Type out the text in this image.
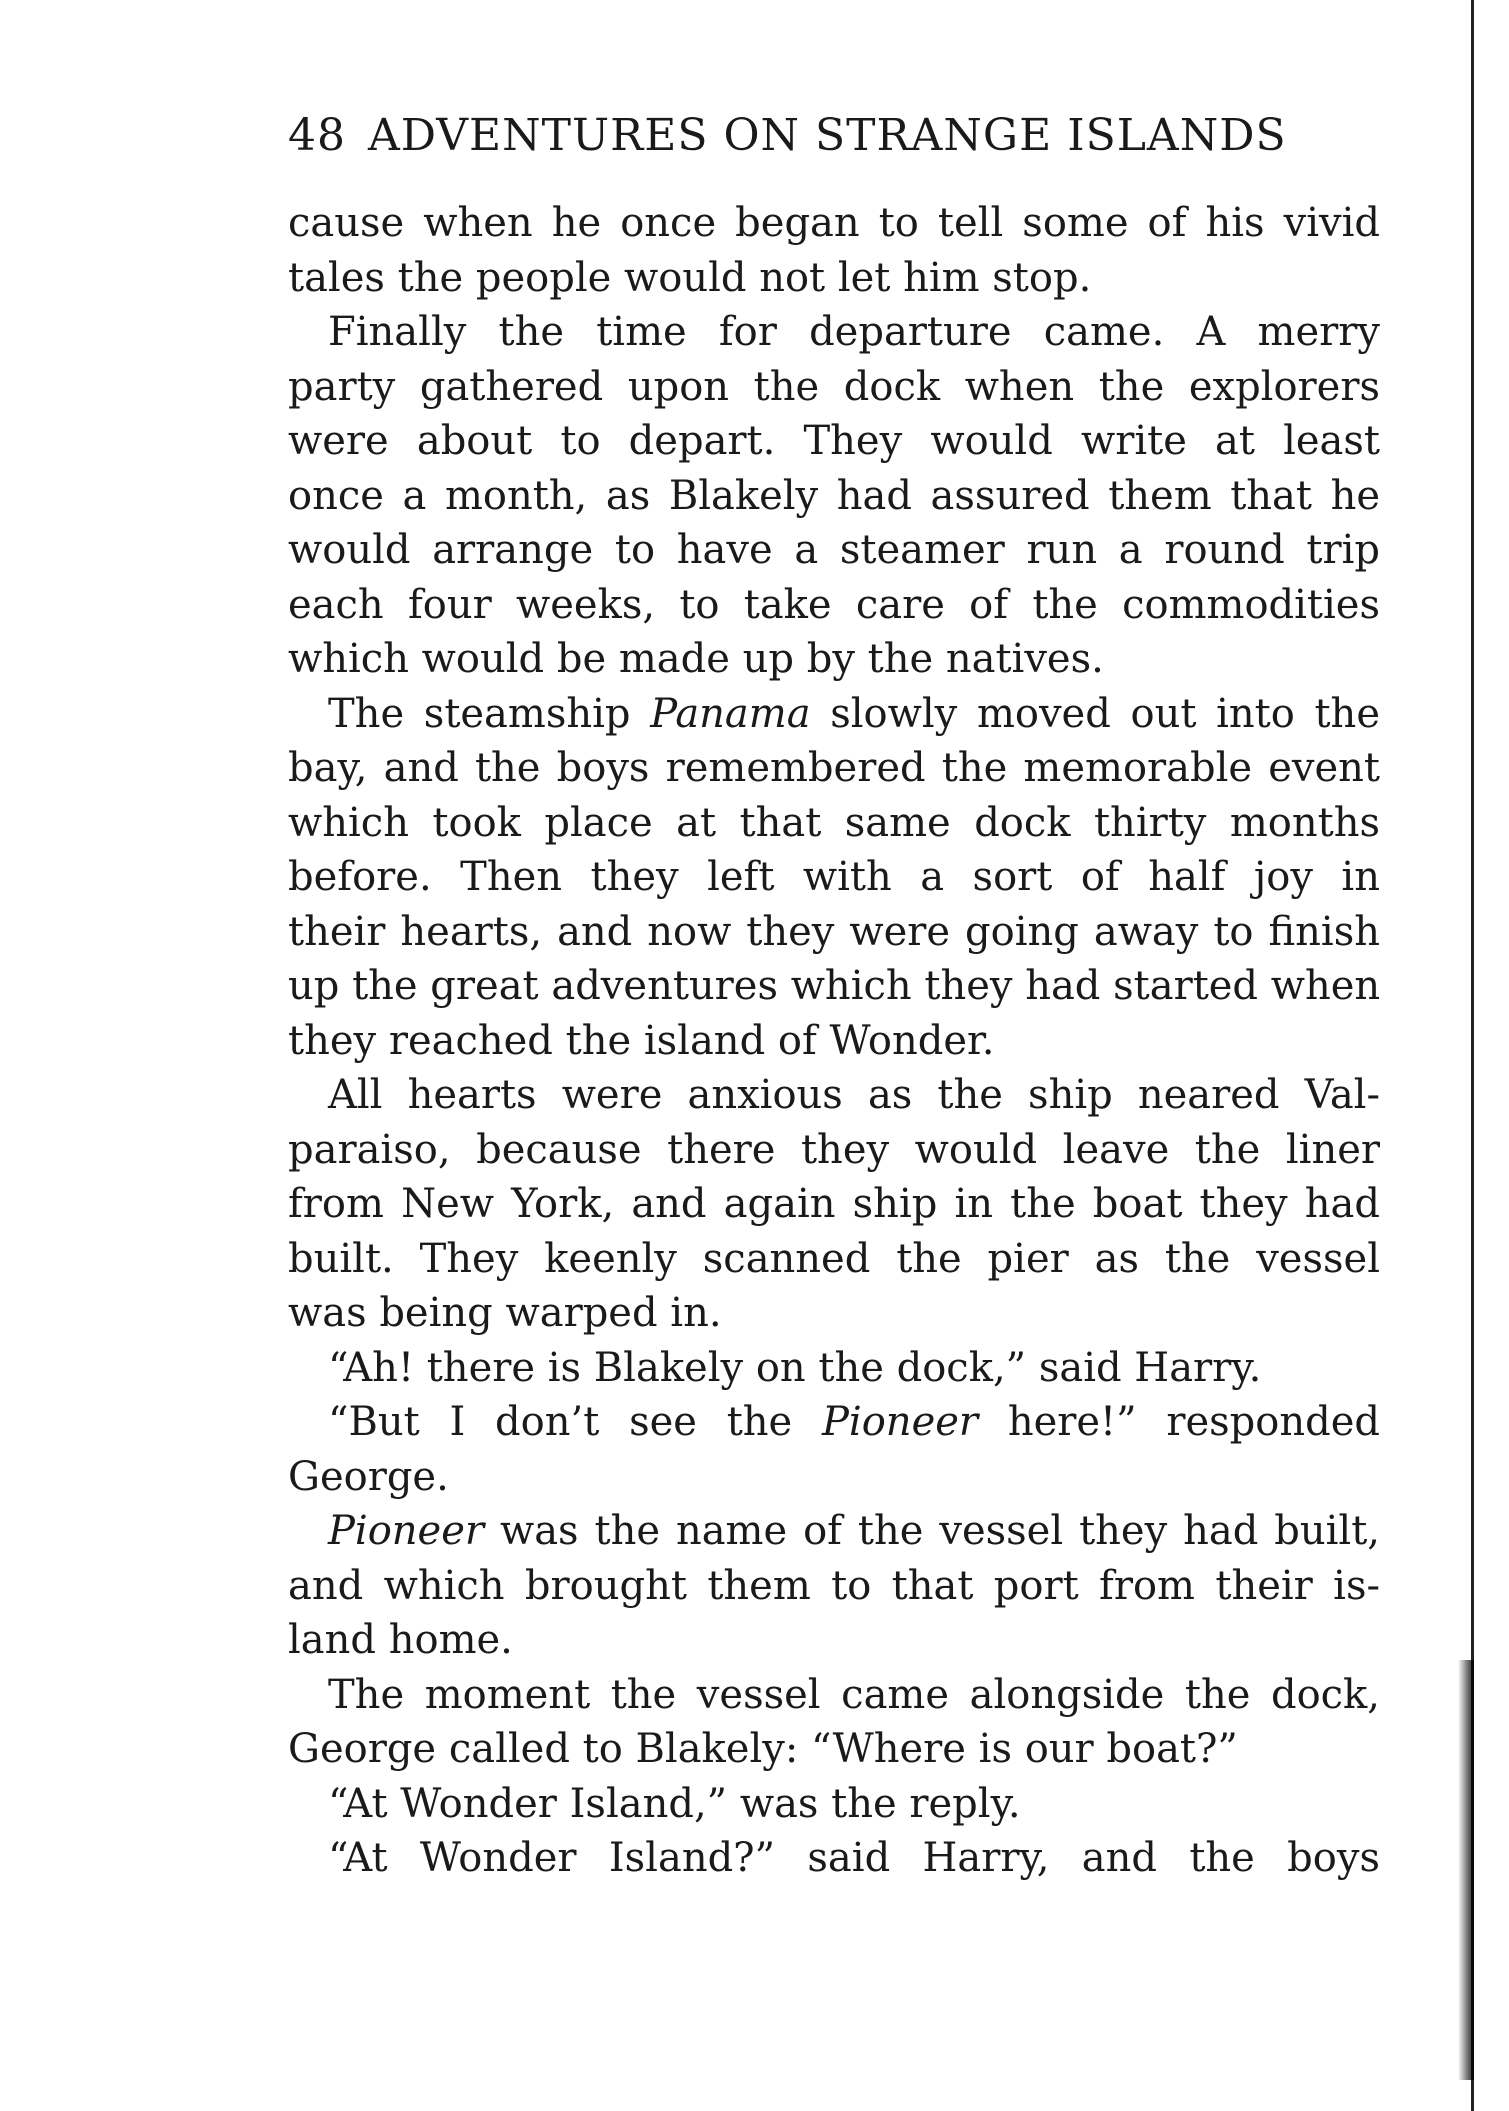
48 ADVENTURES ON STRANGE ISLANDS
cause when he once began to tell some of his vivid
tales the people would not let him stop.
Finally the time for departure came. A merry
party gathered upon the dock when the explorers
were about to depart. They would write at least
once a month, as Blakely had assured them that he
would arrange to have a steamer run a round trip
each four weeks, to take care of the commodities
which would be made up by the natives.
The steamship Panama slowly moved out into the
bay, and the boys remembered the memorable event
which took place at that same dock thirty months
before. Then they left with a sort of half joy in
their hearts, and now they were going away to finish
up the great adventures which they had started when
they reached the island of Wonder.
All hearts were anxious as the ship neared Val-
paraiso, because there they would leave the liner
from New York, and again ship in the boat they had
built. They keenly scanned the pier as the vessel
was being warped in.
“Ah! there is Blakely on the dock,” said Harry.
“But I don’t see the Pioneer here!” responded
George.
Pioneer was the name of the vessel they had built,
and which brought them to that port from their is-
land home.
The moment the vessel came alongside the dock,
George called to Blakely: “Where is our boat?”
“At Wonder Island,” was the reply.
“At Wonder Island?” said Harry, and the boys
